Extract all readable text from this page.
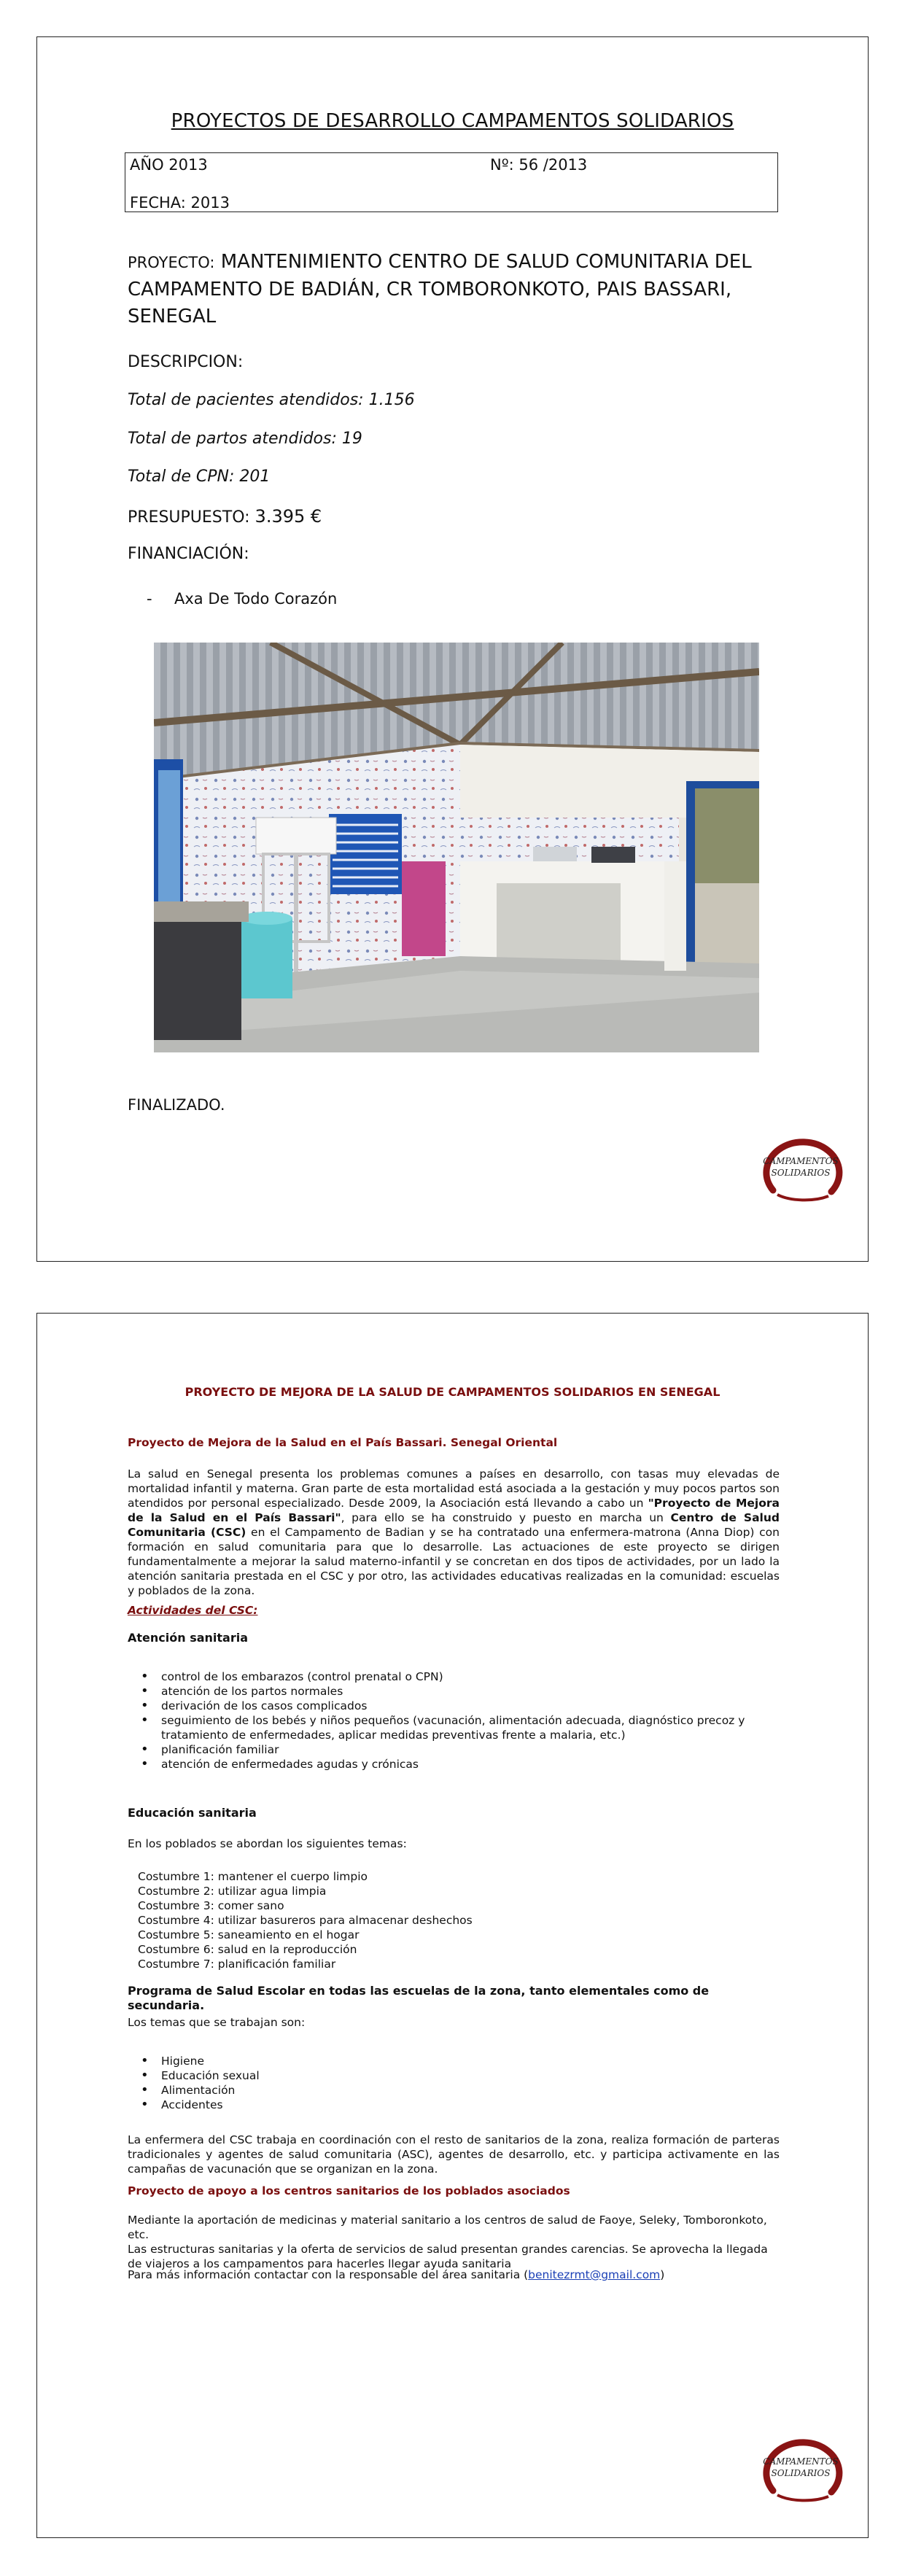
PROYECTOS DE DESARROLLO CAMPAMENTOS SOLIDARIOS
AÑO 2013	Nº: 56 /2013
FECHA: 2013
PROYECTO: MANTENIMIENTO CENTRO DE SALUD COMUNITARIA DEL CAMPAMENTO DE BADIÁN, CR TOMBORONKOTO, PAIS BASSARI, SENEGAL
DESCRIPCION:
Total de pacientes atendidos: 1.156
Total de partos atendidos: 19
Total de CPN: 201
PRESUPUESTO: 3.395 €
FINANCIACIÓN:
- Axa De Todo Corazón
FINALIZADO.
CAMPAMENTOS
SOLIDARIOS
PROYECTO DE MEJORA DE LA SALUD DE CAMPAMENTOS SOLIDARIOS EN SENEGAL
Proyecto de Mejora de la Salud en el País Bassari. Senegal Oriental
La salud en Senegal presenta los problemas comunes a países en desarrollo, con tasas muy elevadas de mortalidad infantil y materna. Gran parte de esta mortalidad está asociada a la gestación y muy pocos partos son atendidos por personal especializado. Desde 2009, la Asociación está llevando a cabo un "Proyecto de Mejora de la Salud en el País Bassari", para ello se ha construido y puesto en marcha un Centro de Salud Comunitaria (CSC) en el Campamento de Badian y se ha contratado una enfermera-matrona (Anna Diop) con formación en salud comunitaria para que lo desarrolle. Las actuaciones de este proyecto se dirigen fundamentalmente a mejorar la salud materno-infantil y se concretan en dos tipos de actividades, por un lado la atención sanitaria prestada en el CSC y por otro, las actividades educativas realizadas en la comunidad: escuelas y poblados de la zona.
Actividades del CSC:
Atención sanitaria
• control de los embarazos (control prenatal o CPN)
• atención de los partos normales
• derivación de los casos complicados
• seguimiento de los bebés y niños pequeños (vacunación, alimentación adecuada, diagnóstico precoz y tratamiento de enfermedades, aplicar medidas preventivas frente a malaria, etc.)
• planificación familiar
• atención de enfermedades agudas y crónicas
Educación sanitaria
En los poblados se abordan los siguientes temas:
Costumbre 1: mantener el cuerpo limpio
Costumbre 2: utilizar agua limpia
Costumbre 3: comer sano
Costumbre 4: utilizar basureros para almacenar deshechos
Costumbre 5: saneamiento en el hogar
Costumbre 6: salud en la reproducción
Costumbre 7: planificación familiar
Programa de Salud Escolar en todas las escuelas de la zona, tanto elementales como de secundaria.
Los temas que se trabajan son:
• Higiene
• Educación sexual
• Alimentación
• Accidentes
La enfermera del CSC trabaja en coordinación con el resto de sanitarios de la zona, realiza formación de parteras tradicionales y agentes de salud comunitaria (ASC), agentes de desarrollo, etc. y participa activamente en las campañas de vacunación que se organizan en la zona.
Proyecto de apoyo a los centros sanitarios de los poblados asociados
Mediante la aportación de medicinas y material sanitario a los centros de salud de Faoye, Seleky, Tomboronkoto, etc.
Las estructuras sanitarias y la oferta de servicios de salud presentan grandes carencias. Se aprovecha la llegada de viajeros a los campamentos para hacerles llegar ayuda sanitaria
Para más información contactar con la responsable del área sanitaria (benitezrmt@gmail.com)
CAMPAMENTOS
SOLIDARIOS
